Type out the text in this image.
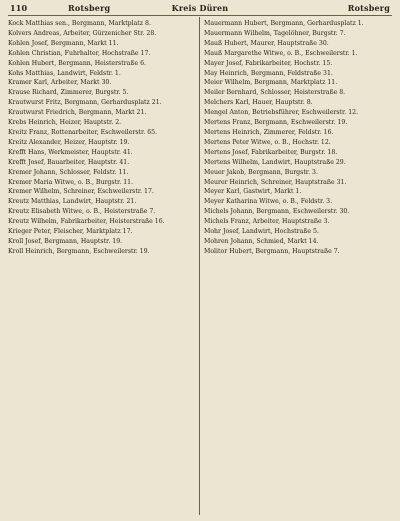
110	Rotsberg	Kreis Düren	Rotsberg
Kock Matthias sen., Bergmann, Marktplatz 8.
Kolvers Andreas, Arbeiter, Gürzenicher Str. 28.
Kohlen Josef, Bergmann, Markt 11.
Kohlen Christian, Fuhrhalter, Hochstraße 17.
Kohlen Hubert, Bergmann, Heisterstraße 6.
Kohs Matthias, Landwirt, Feldstr. 1.
Kramer Karl, Arbeiter, Markt 30.
Krause Richard, Zimmerer, Burgstr. 5.
Krautwurst Fritz, Bergmann, Gerhardusplatz 21.
Krautwurst Friedrich, Bergmann, Markt 21.
Krebs Heinrich, Heizer, Hauptstr. 2.
Kreitz Franz, Rottenarbeiter, Eschweilerstr. 65.
Kreitz Alexander, Heizer, Hauptstr. 19.
Krefft Hans, Werkmeister, Hauptstr. 41.
Krefft Josef, Bauarbeiter, Hauptstr. 41.
Kremer Johann, Schlosser, Feldstr. 11.
Kremer Maria Witwe, o. B., Burgstr. 11.
Kremer Wilhelm, Schreiner, Eschweilerstr. 17.
Kreutz Matthias, Landwirt, Hauptstr. 21.
Kreutz Elisabeth Witwe, o. B., Heisterstraße 7.
Kreutz Wilhelm, Fabrikarbeiter, Heisterstraße 16.
Krieger Peter, Fleischer, Marktplatz 17.
Kroll Josef, Bergmann, Hauptstr. 19.
Kroll Heinrich, Bergmann, Eschweilerstr. 19.
Mauermann Hubert, Bergmann, Gerhardusplatz 1.
Mauermann Wilhelm, Tagelöhner, Burgstr. 7.
Mauß Hubert, Maurer, Hauptstraße 30.
Mauß Margarethe Witwe, o. B., Eschweilerstr. 1.
Mayer Josef, Fabrikarbeiter, Hochstr. 15.
May Heinrich, Bergmann, Feldstraße 31.
Meier Wilhelm, Bergmann, Marktplatz 11.
Meiler Bernhard, Schlosser, Heisterstraße 8.
Melchers Karl, Hauer, Hauptstr. 8.
Mengel Anton, Betriebsführer, Eschweilerstr. 12.
Mertens Franz, Bergmann, Eschweilerstr. 19.
Mertens Heinrich, Zimmerer, Feldstr. 16.
Mertens Peter Witwe, o. B., Hochstr. 12.
Mertens Josef, Fabrikarbeiter, Burgstr. 18.
Mertens Wilhelm, Landwirt, Hauptstraße 29.
Meuer Jakob, Bergmann, Burgstr. 3.
Meurer Heinrich, Schreiner, Hauptstraße 31.
Meyer Karl, Gastwirt, Markt 1.
Meyer Katharina Witwe, o. B., Feldstr. 3.
Michels Johann, Bergmann, Eschweilerstr. 30.
Michels Franz, Arbeiter, Hauptstraße 3.
Mohr Josef, Landwirt, Hochstraße 5.
Mohren Johann, Schmied, Markt 14.
Molitor Hubert, Bergmann, Hauptstraße 7.
